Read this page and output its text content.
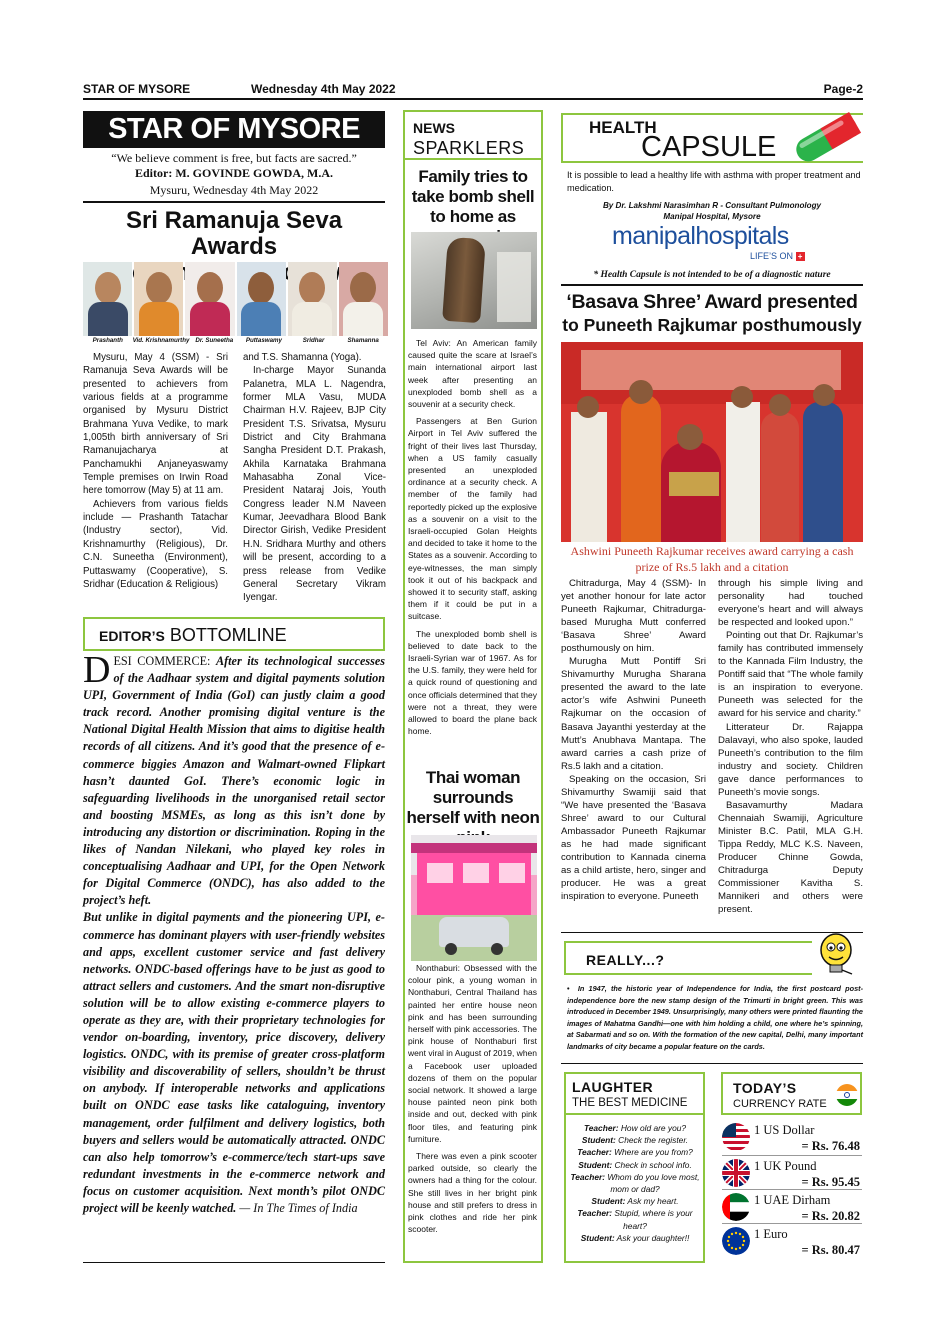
STAR OF MYSORE	Wednesday 4th May 2022	Page-2
STAR OF MYSORE
“We believe comment is free, but facts are sacred.”
Editor: M. GOVINDE GOWDA, M.A.
Mysuru, Wednesday 4th May 2022
Sri Ramanuja Seva Awards
Prashanth	Vid. Krishnamurthy Dr. Suneetha	Puttaswamy	Sridhar	Shamanna

Mysuru, May 4 (SSM) - Sri Ramanuja Seva Awards will be presented to achievers from various fields at a programme organised by Mysuru District Brahmana Yuva Vedike, to mark 1,005th birth anniversary of Sri Ramanujacharya at Panchamukhi Anjaneyaswamy Temple premises on Irwin Road here tomorrow (May 5) at 11 am.

Achievers from various fields include — Prashanth Tatachar (Industry sector), Vid. Krishnamurthy (Religious), Dr. C.N. Suneetha (Environment), Puttaswamy (Cooperative), S. Sridhar (Education & Religious)

and T.S. Shamanna (Yoga).

In-charge Mayor Sunanda Palanetra, MLA L. Nagendra, former MLA Vasu, MUDA Chairman H.V. Rajeev, BJP City President T.S. Srivatsa, Mysuru District and City Brahmana Sangha President D.T. Prakash, Akhila Karnataka Brahmana Mahasabha Zonal Vice-President Nataraj Jois, Youth Congress leader N.M Naveen Kumar, Jeevadhara Blood Bank Director Girish, Vedike President H.N. Sridhara Murthy and others will be present, according to a press release from Vedike General Secretary Vikram Iyengar.

EDITOR’S BOTTOMLINE

DESI COMMERCE: After its technological successes of the Aadhaar system and digital payments solution UPI, Government of India (GoI) can justly claim a good track record. Another promising digital venture is the National Digital Health Mission that aims to digitise health records of all citizens. And it’s good that the presence of e-commerce biggies Amazon and Walmart-owned Flipkart hasn’t daunted GoI. There’s economic logic in safeguarding livelihoods in the unorganised retail sector and boosting MSMEs, as long as this isn’t done by introducing any distortion or discrimination. Roping in the likes of Nandan Nilekani, who played key roles in conceptualising Aadhaar and UPI, for the Open Network for Digital Commerce (ONDC), has also added to the project’s heft.

But unlike in digital payments and the pioneering UPI, e-commerce has dominant players with user-friendly websites and apps, excellent customer service and fast delivery networks. ONDC-based offerings have to be just as good to attract sellers and customers. And the smart non-disruptive solution will be to allow existing e-commerce players to operate as they are, with their proprietary technologies for vendor on-boarding, inventory, price discovery, delivery logistics. ONDC, with its premise of greater cross-platform visibility and discoverability of sellers, shouldn’t be thrust on anybody. If interoperable networks and applications built on ONDC ease tasks like cataloguing, inventory management, order fulfilment and delivery logistics, both buyers and sellers would be automatically attracted. ONDC can also help tomorrow’s e-commerce/tech start-ups save redundant investments in the e-commerce network and focus on customer acquisition. Next month’s pilot ONDC project will be keenly watched. — In The Times of India
NEWS
SPARKLERS
Family tries to take bomb shell to home as

Tel Aviv: An American family caused quite the scare at Israel’s main international airport last week after presenting an unexploded bomb shell as a souvenir at a security check.

Passengers at Ben Gurion Airport in Tel Aviv suffered the fright of their lives last Thursday, when a US family casually presented an unexploded ordinance at a security check. A member of the family had reportedly picked up the explosive as a souvenir on a visit to the Israeli-occupied Golan Heights and decided to take it home to the States as a souvenir. According to eye-witnesses, the man simply took it out of his backpack and showed it to security staff, asking them if it could be put in a suitcase.

The unexploded bomb shell is believed to date back to the Israeli-Syrian war of 1967. As for the U.S. family, they were held for a quick round of questioning and once officials determined that they were not a threat, they were allowed to board the plane back home.

Thai woman surrounds herself with neon

Nonthaburi: Obsessed with the colour pink, a young woman in Nonthaburi, Central Thailand has painted her entire house neon pink and has been surrounding herself with pink accessories. The pink house of Nonthaburi first went viral in August of 2019, when a Facebook user uploaded dozens of them on the popular social network. It showed a large house painted neon pink both inside and out, decked with pink floor tiles, and featuring pink furniture.

There was even a pink scooter parked outside, so clearly the owners had a thing for the colour. She still lives in her bright pink house and still prefers to dress in pink clothes and ride her pink scooter.

HEALTH
CAPSULE
It is possible to lead a healthy life with asthma with proper treatment and medication.
By Dr. Lakshmi Narasimhan R - Consultant Pulmonology
Manipal Hospital, Mysore
manipalhospitals
LIFE’S ON +
* Health Capsule is not intended to be of a diagnostic nature
‘Basava Shree’ Award presented
to Puneeth Rajkumar posthumously
Ashwini Puneeth Rajkumar receives award carrying a cash prize of Rs.5 lakh and a citation

Chitradurga, May 4 (SSM)- In yet another honour for late actor Puneeth Rajkumar, Chitradurga-based Murugha Mutt conferred ‘Basava Shree’ Award posthumously on him.

Murugha Mutt Pontiff Sri Shivamurthy Murugha Sharana presented the award to the late actor’s wife Ashwini Puneeth Rajkumar on the occasion of Basava Jayanthi yesterday at the Mutt’s Anubhava Mantapa. The award carries a cash prize of Rs.5 lakh and a citation.

Speaking on the occasion, Sri Shivamurthy Swamiji said that “We have presented the ‘Basava Shree’ award to our Cultural Ambassador Puneeth Rajkumar as he had made significant contribution to Kannada cinema as a child artiste, hero, singer and producer. He was a great inspiration to everyone. Puneeth

through his simple living and personality had touched everyone’s heart and will always be respected and looked upon.”

Pointing out that Dr. Rajkumar’s family has contributed immensely to the Kannada Film Industry, the Pontiff said that “The whole family is an inspiration to everyone. Puneeth was selected for the award for his service and charity.”

Litterateur Dr. Rajappa Dalavayi, who also spoke, lauded Puneeth’s contribution to the film industry and society. Children gave dance performances to Puneeth’s movie songs.

Basavamurthy Madara Chennaiah Swamiji, Agriculture Minister B.C. Patil, MLA G.H. Tippa Reddy, MLC K.S. Naveen, Producer Chinne Gowda, Chitradurga Deputy Commissioner Kavitha S. Mannikeri and others were present.

REALLY...?
•  In 1947, the historic year of Independence for India, the first postcard post-independence bore the new stamp design of the Trimurti in bright green. This was introduced in December 1949. Unsurprisingly, many others were printed flaunting the images of Mahatma Gandhi—one with him holding a child, one where he’s spinning, at Sabarmati and so on. With the formation of the new capital, Delhi, many important landmarks of city became a popular feature on the cards.
LAUGHTER
THE BEST MEDICINE
Teacher: How old are you?
Student: Check the register.
Teacher: Where are you from?
Student: Check in school info.
Teacher: Whom do you love most, mom or dad?
Student: Ask my heart.
Teacher: Stupid, where is your heart?
Student: Ask your daughter!!
TODAY’S
CURRENCY RATE
1 US Dollar
= Rs. 76.48
1 UK Pound
= Rs. 95.45
1 UAE Dirham
= Rs. 20.82
1 Euro
= Rs. 80.47
